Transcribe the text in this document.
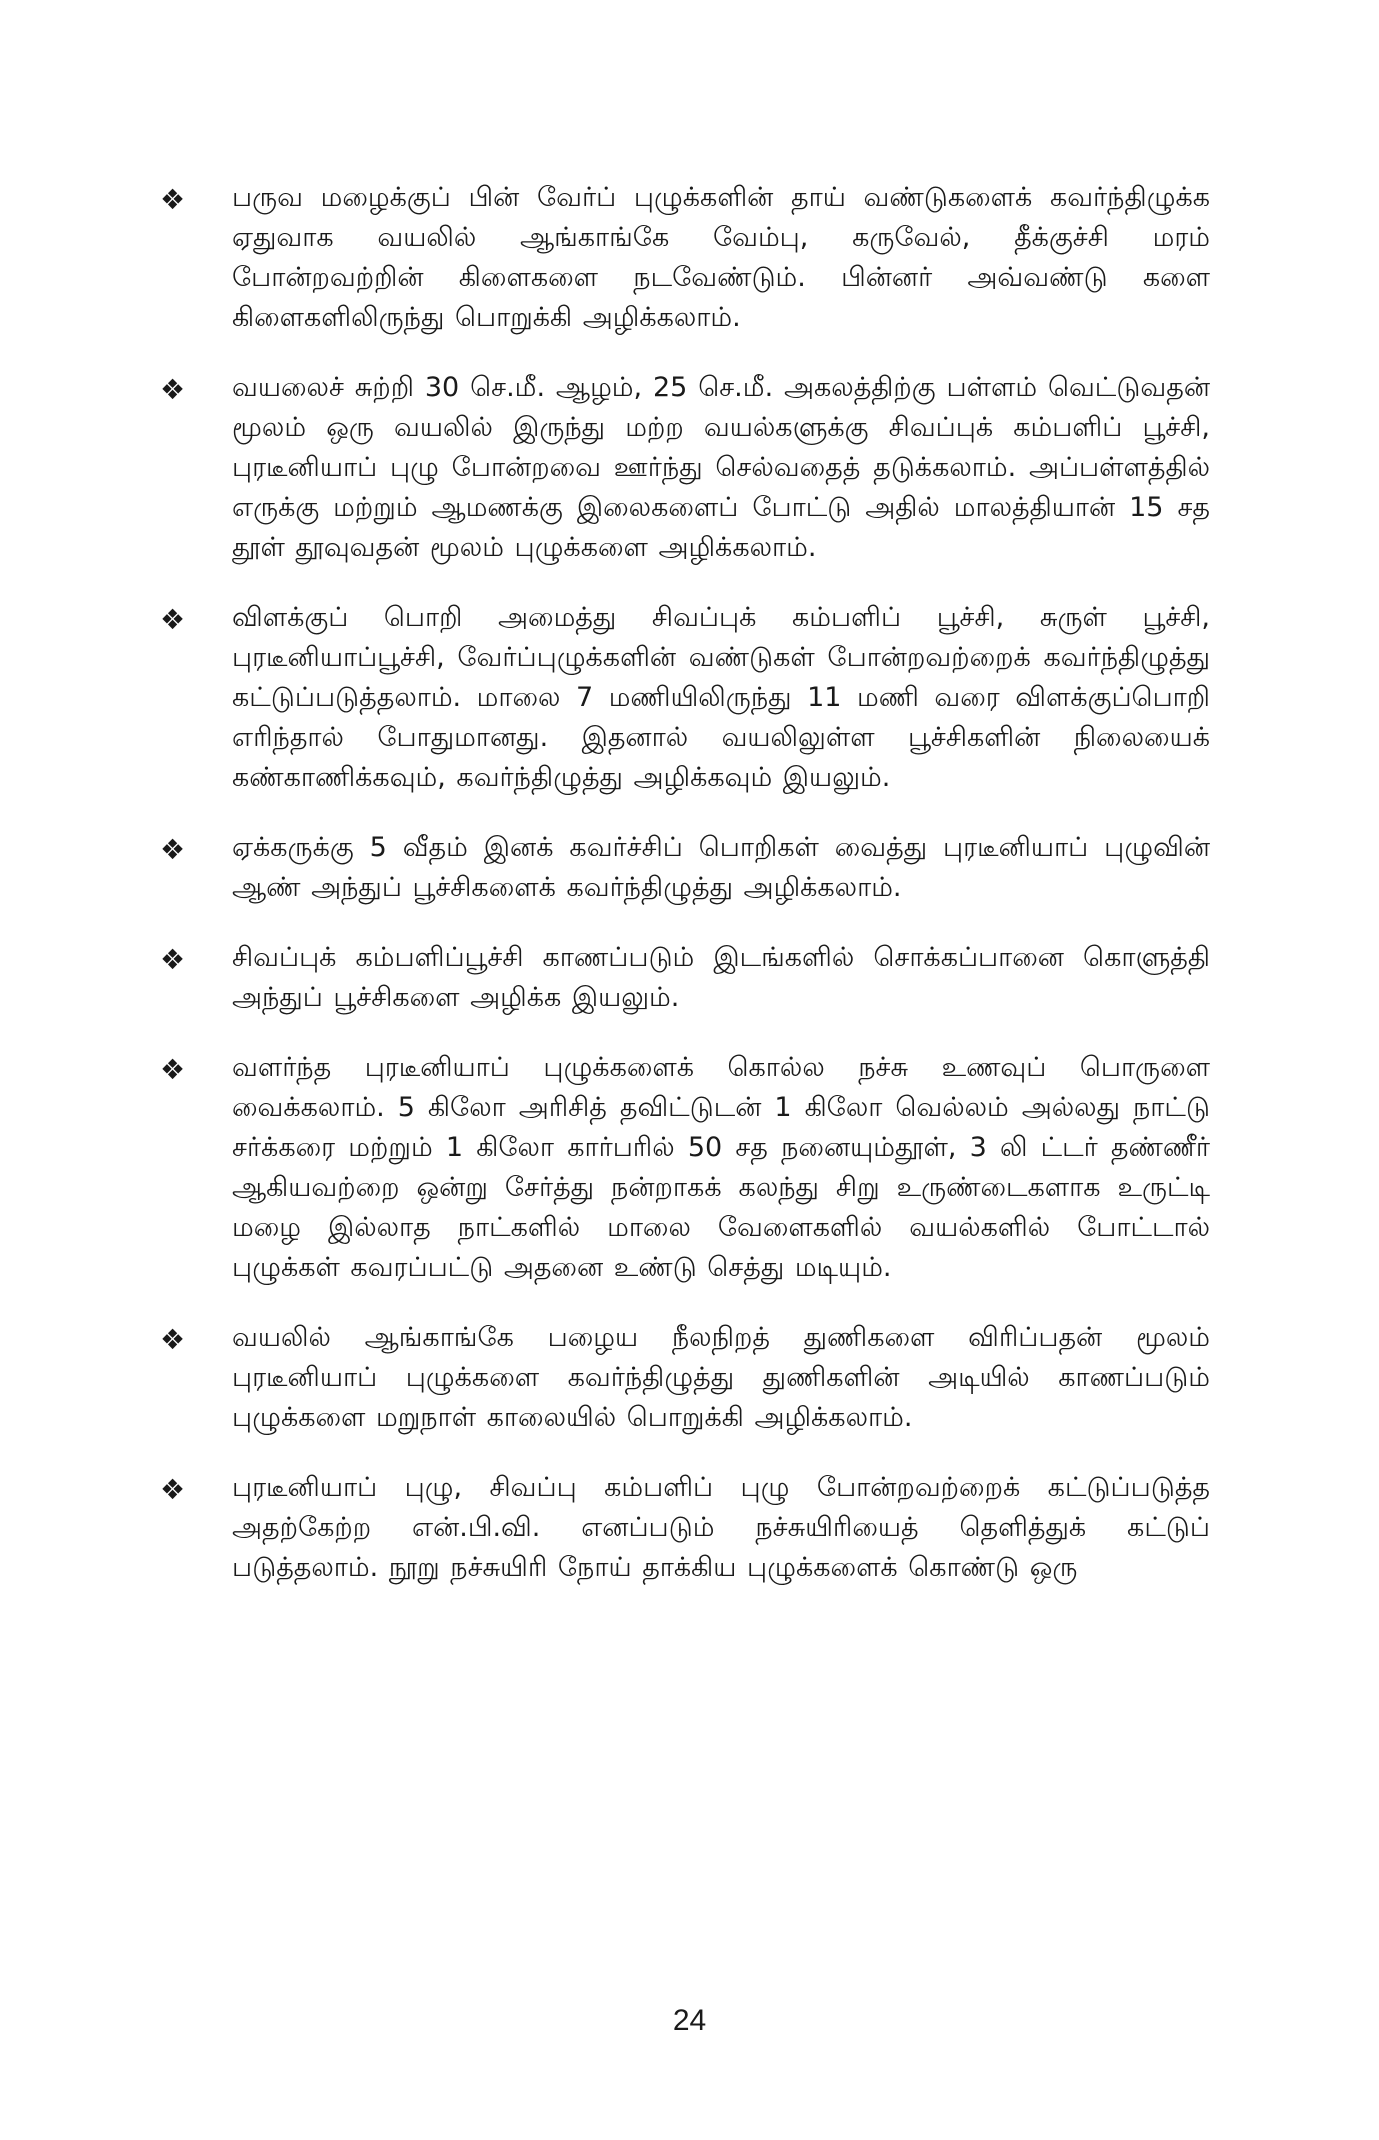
❖ பருவ மழைக்குப் பின் வேர்ப் புழுக்களின் தாய் வண்டுகளைக் கவர்ந்திழுக்க ஏதுவாக வயலில் ஆங்காங்கே வேம்பு, கருவேல், தீக்குச்சி மரம் போன்றவற்றின் கிளைகளை நடவேண்டும். பின்னர் அவ்வண்டு களை கிளைகளிலிருந்து பொறுக்கி அழிக்கலாம்.

❖ வயலைச் சுற்றி 30 செ.மீ. ஆழம், 25 செ.மீ. அகலத்திற்கு பள்ளம் வெட்டுவதன் மூலம் ஒரு வயலில் இருந்து மற்ற வயல்களுக்கு சிவப்புக் கம்பளிப் பூச்சி, புரடீனியாப் புழு போன்றவை ஊர்ந்து செல்வதைத் தடுக்கலாம். அப்பள்ளத்தில் எருக்கு மற்றும் ஆமணக்கு இலைகளைப் போட்டு அதில் மாலத்தியான் 15 சத தூள் தூவுவதன் மூலம் புழுக்களை அழிக்கலாம்.

❖ விளக்குப் பொறி அமைத்து சிவப்புக் கம்பளிப் பூச்சி, சுருள் பூச்சி, புரடீனியாப்பூச்சி, வேர்ப்புழுக்களின் வண்டுகள் போன்றவற்றைக் கவர்ந்திழுத்து கட்டுப்படுத்தலாம். மாலை 7 மணியிலிருந்து 11 மணி வரை விளக்குப்பொறி எரிந்தால் போதுமானது. இதனால் வயலிலுள்ள பூச்சிகளின் நிலையைக் கண்காணிக்கவும், கவர்ந்திழுத்து அழிக்கவும் இயலும்.

❖ ஏக்கருக்கு 5 வீதம் இனக் கவர்ச்சிப் பொறிகள் வைத்து புரடீனியாப் புழுவின் ஆண் அந்துப் பூச்சிகளைக் கவர்ந்திழுத்து அழிக்கலாம்.

❖ சிவப்புக் கம்பளிப்பூச்சி காணப்படும் இடங்களில் சொக்கப்பானை கொளுத்தி அந்துப் பூச்சிகளை அழிக்க இயலும்.

❖ வளர்ந்த புரடீனியாப் புழுக்களைக் கொல்ல நச்சு உணவுப் பொருளை வைக்கலாம். 5 கிலோ அரிசித் தவிட்டுடன் 1 கிலோ வெல்லம் அல்லது நாட்டு சர்க்கரை மற்றும் 1 கிலோ கார்பரில் 50 சத நனையும்தூள், 3 லி ட்டர் தண்ணீர் ஆகியவற்றை ஒன்று சேர்த்து நன்றாகக் கலந்து சிறு உருண்டைகளாக உருட்டி மழை இல்லாத நாட்களில் மாலை வேளைகளில் வயல்களில் போட்டால் புழுக்கள் கவரப்பட்டு அதனை உண்டு செத்து மடியும்.

❖ வயலில் ஆங்காங்கே பழைய நீலநிறத் துணிகளை விரிப்பதன் மூலம் புரடீனியாப் புழுக்களை கவர்ந்திழுத்து துணிகளின் அடியில் காணப்படும் புழுக்களை மறுநாள் காலையில் பொறுக்கி அழிக்கலாம்.

❖ புரடீனியாப் புழு, சிவப்பு கம்பளிப் புழு போன்றவற்றைக் கட்டுப்படுத்த அதற்கேற்ற என்.பி.வி. எனப்படும் நச்சுயிரியைத் தெளித்துக் கட்டுப் படுத்தலாம். நூறு நச்சுயிரி நோய் தாக்கிய புழுக்களைக் கொண்டு ஒரு

24
